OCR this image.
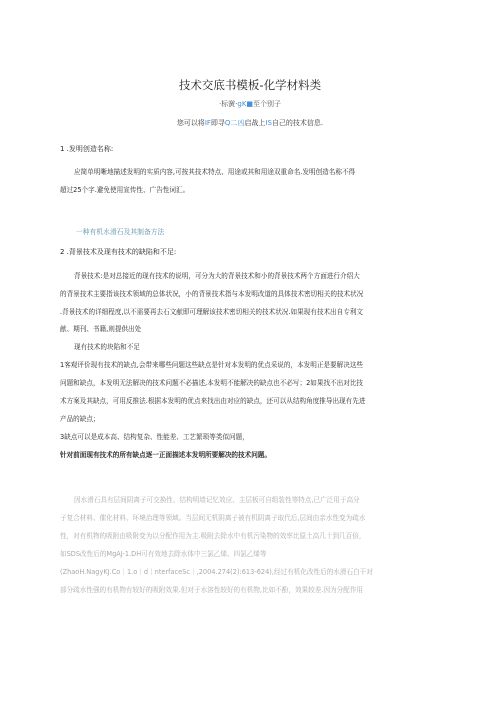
技术交底书模板-化学材料类
·标黉·gK■至个别子
您可以将IF即寻Q二凶启战上IS自己的技术信息.
1 .发明创造名称:
应简单明晰地描述发明的实质内容,可按其技术特点、用途或其和用途双重命名.发明创造名称不得
超过25个字.避免使用宣传性、广告性词汇。
一种有机水滑石及其制备方法
2 .背景技术及现有技术的缺陷和不足:
背景技术:是对总接近的现有技术的说明，可分为大的背景技术和小的背景技术两个方面进行介绍大
的背景技术主要指该技术领域的总体状况，小的背景技术指与本发明改道的具体技术密切相关的技术状况
.背景技术的详细程度,以不需要再去石文献即可理解该技术密切相关的技术状况.如果现有技术出自专利文
献、期刊、书籍,则提供出处
现有技术的块陷和不足
1客观评价现有技术的缺点,会带来哪些问题这些缺点是针对本发明的优点采说的，本发明正是要解决这些
问题和缺点，本发明无法解决的技术问题不必描述,本发明不能解决的缺点也不必写；2如果找不出对比技
术方案及其缺点，可用反推法.根据本发明的优点来找出由对应的缺点，还可以从结构角度推导出现有先进
产品的缺点；
3缺点可以是成本高、结构复杂、性能差、工艺繁琐等类似问题，
针对前面现有技术的所有缺点逐一正面描述本发明所要解决的技术问题。
因水滑石具有层间阴离子可交换性、结构明墙记忆效应、主层板可自组装性等特点,已广泛用于高分
子复合材料、催化材料、环境治理等领域。当层间无机阴离子被有机阴离子取代后,层间由亲水性变为疏水
性，对有机物的吸附由吸附变为以分配作用为主.吸附去除水中有机污染物的效率比原土高几十到几百倍，
如SDS改性后的MgAJ-1.DH可有效地去除水体中三氯乙烯、四氯乙烯等
(ZhaoH.NagyKJ.Co｜1.o｜d｜nterfaceSc｜,2004.274(2):613-624),经过有机化改性后的水滑石白干对
部分疏水性强的有机物有较好的吸附效果.但对于水溶性较好的有机物,比如不酚，效果较差.因为分配作用
